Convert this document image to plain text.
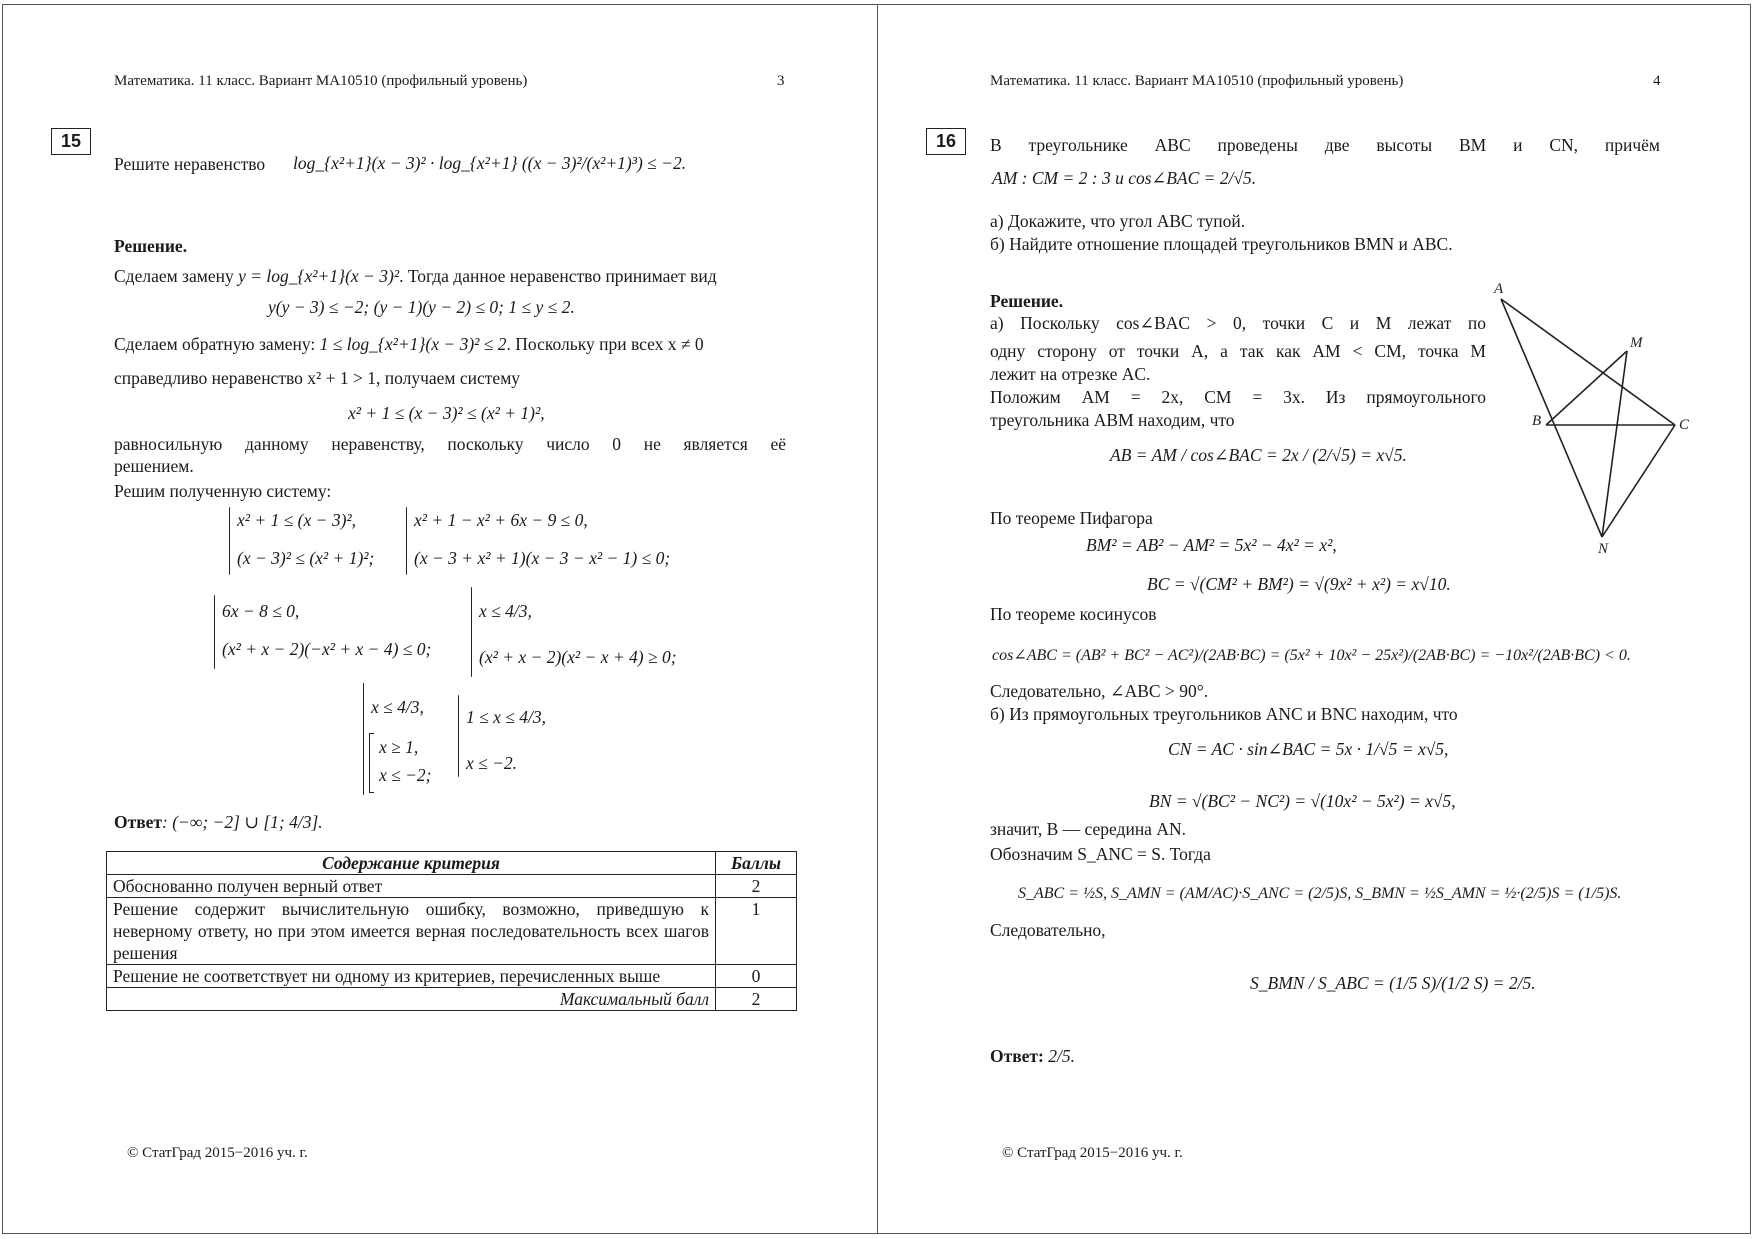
Математика. 11 класс. Вариант МА10510 (профильный уровень)	3
15
Решите неравенство log_{x²+1}(x − 3)² · log_{x²+1} ((x − 3)²/(x²+1)³) ≤ −2.
Решение.
Сделаем замену y = log_{x²+1}(x − 3)². Тогда данное неравенство принимает вид
y(y − 3) ≤ −2; (y − 1)(y − 2) ≤ 0; 1 ≤ y ≤ 2.
Сделаем обратную замену: 1 ≤ log_{x²+1}(x − 3)² ≤ 2. Поскольку при всех x ≠ 0
справедливо неравенство x² + 1 > 1, получаем систему
x² + 1 ≤ (x − 3)² ≤ (x² + 1)²,
равносильную данному неравенству, поскольку число 0 не является её
решением.
Решим полученную систему:
x² + 1 ≤ (x − 3)²,
(x − 3)² ≤ (x² + 1)²;
x² + 1 − x² + 6x − 9 ≤ 0,
(x − 3 + x² + 1)(x − 3 − x² − 1) ≤ 0;
6x − 8 ≤ 0,
(x² + x − 2)(−x² + x − 4) ≤ 0;
x ≤ 4/3,
(x² + x − 2)(x² − x + 4) ≥ 0;
x ≤ 4/3,
x ≥ 1,
x ≤ −2;
1 ≤ x ≤ 4/3,
x ≤ −2.
Ответ: (−∞; −2] ∪ [1; 4/3].
Содержание критерия	Баллы
Обоснованно получен верный ответ	2
Решение содержит вычислительную ошибку, возможно, приведшую к неверному ответу, но при этом имеется верная последовательность всех шагов решения	1
Решение не соответствует ни одному из критериев, перечисленных выше	0
Максимальный балл	2
© СтатГрад 2015−2016 уч. г.
Математика. 11 класс. Вариант МА10510 (профильный уровень)	4
16	В треугольнике ABC проведены две высоты BM и CN, причём
AM : CM = 2 : 3 и cos∠BAC = 2/√5.
а) Докажите, что угол ABC тупой.
б) Найдите отношение площадей треугольников BMN и ABC.
Решение.
а) Поскольку cos∠BAC > 0, точки C и M лежат по
одну сторону от точки A, а так как AM < CM, точка M
лежит на отрезке AC.
Положим AM = 2x, CM = 3x. Из прямоугольного
треугольника ABM находим, что
AB = AM / cos∠BAC = 2x / (2/√5) = x√5.
A
M
B	C
N
По теореме Пифагора
BM² = AB² − AM² = 5x² − 4x² = x²,
BC = √(CM² + BM²) = √(9x² + x²) = x√10.
По теореме косинусов
cos∠ABC = (AB² + BC² − AC²)/(2AB·BC) = (5x² + 10x² − 25x²)/(2AB·BC) = −10x²/(2AB·BC) < 0.
Следовательно, ∠ABC > 90°.
б) Из прямоугольных треугольников ANC и BNC находим, что
CN = AC · sin∠BAC = 5x · 1/√5 = x√5,
BN = √(BC² − NC²) = √(10x² − 5x²) = x√5,
значит, B — середина AN.
Обозначим S_ANC = S. Тогда
S_ABC = ½S, S_AMN = (AM/AC)·S_ANC = (2/5)S, S_BMN = ½S_AMN = ½·(2/5)S = (1/5)S.
Следовательно,
S_BMN / S_ABC = (1/5 S)/(1/2 S) = 2/5.
Ответ: 2/5.
© СтатГрад 2015−2016 уч. г.
